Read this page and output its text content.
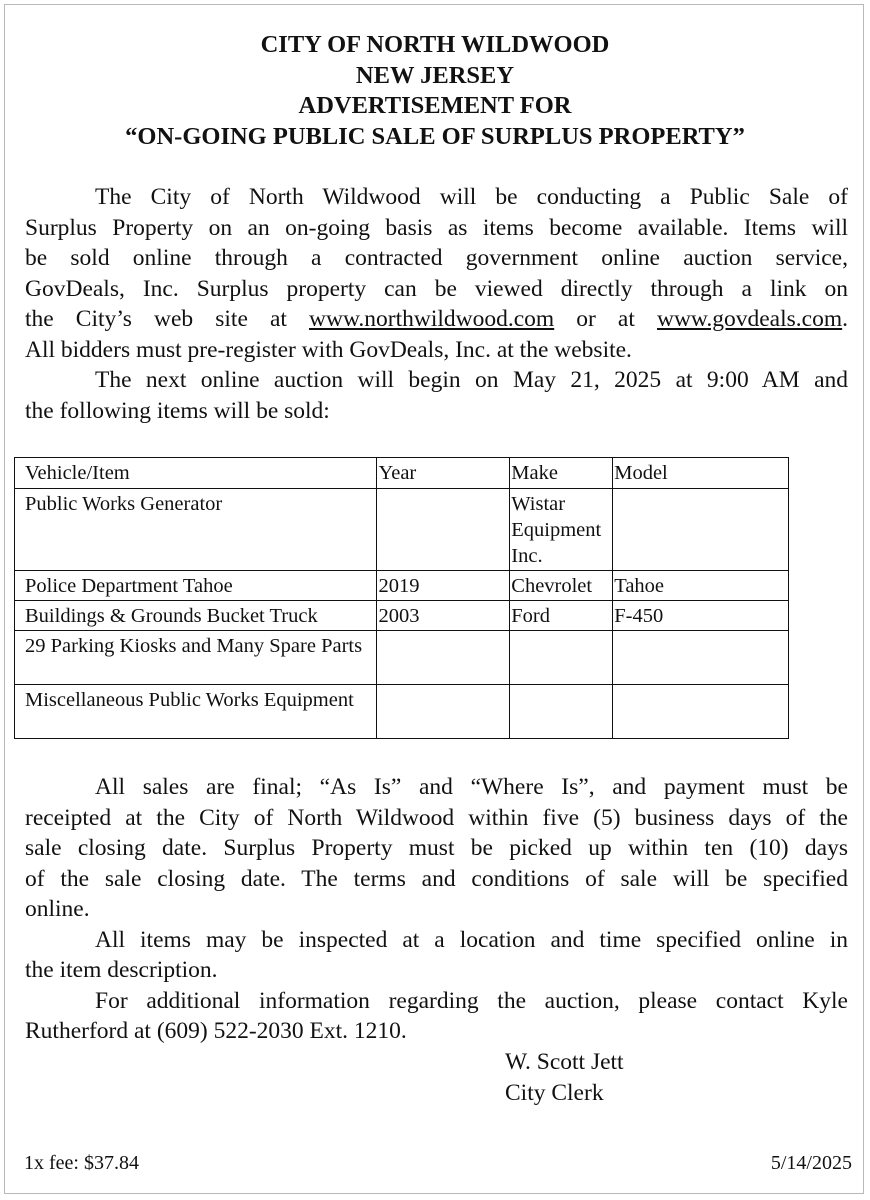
CITY OF NORTH WILDWOOD
NEW JERSEY
ADVERTISEMENT FOR
“ON-GOING PUBLIC SALE OF SURPLUS PROPERTY”
The City of North Wildwood will be conducting a Public Sale of
Surplus Property on an on-going basis as items become available. Items will
be sold online through a contracted government online auction service,
GovDeals, Inc. Surplus property can be viewed directly through a link on
the City’s web site at www.northwildwood.com or at www.govdeals.com.
All bidders must pre-register with GovDeals, Inc. at the website.
The next online auction will begin on May 21, 2025 at 9:00 AM and
the following items will be sold:
Vehicle/Item	Year	Make	Model
Public Works Generator		Wistar Equipment Inc.	
Police Department Tahoe	2019	Chevrolet	Tahoe
Buildings & Grounds Bucket Truck	2003	Ford	F-450
29 Parking Kiosks and Many Spare Parts			
Miscellaneous Public Works Equipment			
All sales are final; “As Is” and “Where Is”, and payment must be
receipted at the City of North Wildwood within five (5) business days of the
sale closing date. Surplus Property must be picked up within ten (10) days
of the sale closing date. The terms and conditions of sale will be specified
online.
All items may be inspected at a location and time specified online in
the item description.
For additional information regarding the auction, please contact Kyle
Rutherford at (609) 522-2030 Ext. 1210.
W. Scott Jett
City Clerk
1x fee: $37.84	5/14/2025
